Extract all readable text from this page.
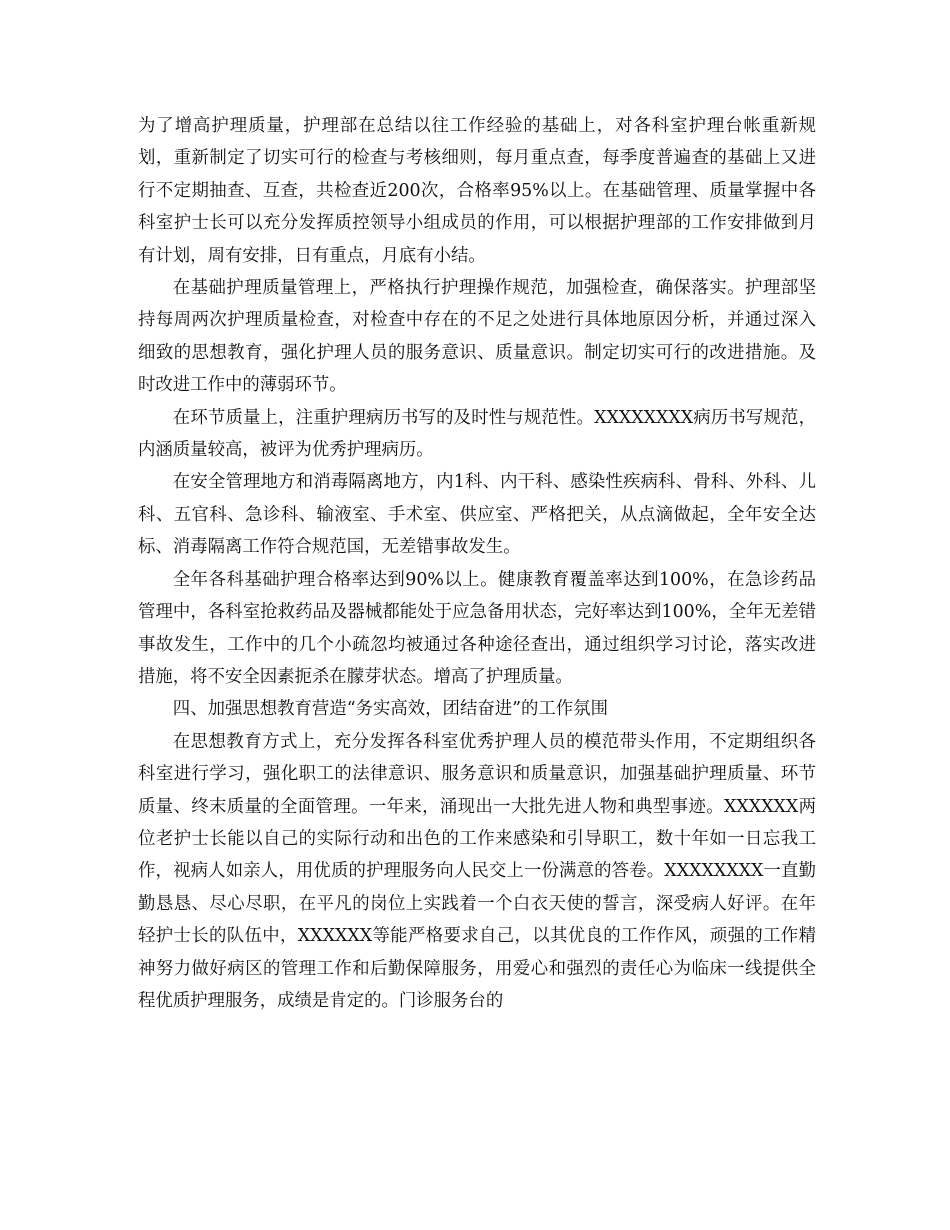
为了增高护理质量，护理部在总结以往工作经验的基础上，对各科室护理台帐重新规划，重新制定了切实可行的检查与考核细则，每月重点查，每季度普遍查的基础上又进行不定期抽查、互查，共检查近200次，合格率95%以上。在基础管理、质量掌握中各科室护士长可以充分发挥质控领导小组成员的作用，可以根据护理部的工作安排做到月有计划，周有安排，日有重点，月底有小结。

在基础护理质量管理上，严格执行护理操作规范，加强检查，确保落实。护理部坚持每周两次护理质量检查，对检查中存在的不足之处进行具体地原因分析，并通过深入细致的思想教育，强化护理人员的服务意识、质量意识。制定切实可行的改进措施。及时改进工作中的薄弱环节。

在环节质量上，注重护理病历书写的及时性与规范性。XXXXXXXX病历书写规范，内涵质量较高，被评为优秀护理病历。

在安全管理地方和消毒隔离地方，内1科、内干科、感染性疾病科、骨科、外科、儿科、五官科、急诊科、输液室、手术室、供应室、严格把关，从点滴做起，全年安全达标、消毒隔离工作符合规范国，无差错事故发生。

全年各科基础护理合格率达到90%以上。健康教育覆盖率达到100%，在急诊药品管理中，各科室抢救药品及器械都能处于应急备用状态，完好率达到100%，全年无差错事故发生，工作中的几个小疏忽均被通过各种途径查出，通过组织学习讨论，落实改进措施，将不安全因素扼杀在朦芽状态。增高了护理质量。

四、加强思想教育营造“务实高效，团结奋进”的工作氛围

在思想教育方式上，充分发挥各科室优秀护理人员的模范带头作用，不定期组织各科室进行学习，强化职工的法律意识、服务意识和质量意识，加强基础护理质量、环节质量、终末质量的全面管理。一年来，涌现出一大批先进人物和典型事迹。XXXXXX两位老护士长能以自己的实际行动和出色的工作来感染和引导职工，数十年如一日忘我工作，视病人如亲人，用优质的护理服务向人民交上一份满意的答卷。XXXXXXXX一直勤勤恳恳、尽心尽职，在平凡的岗位上实践着一个白衣天使的誓言，深受病人好评。在年轻护士长的队伍中，XXXXXX等能严格要求自己，以其优良的工作作风，顽强的工作精神努力做好病区的管理工作和后勤保障服务，用爱心和强烈的责任心为临床一线提供全程优质护理服务，成绩是肯定的。门诊服务台的
